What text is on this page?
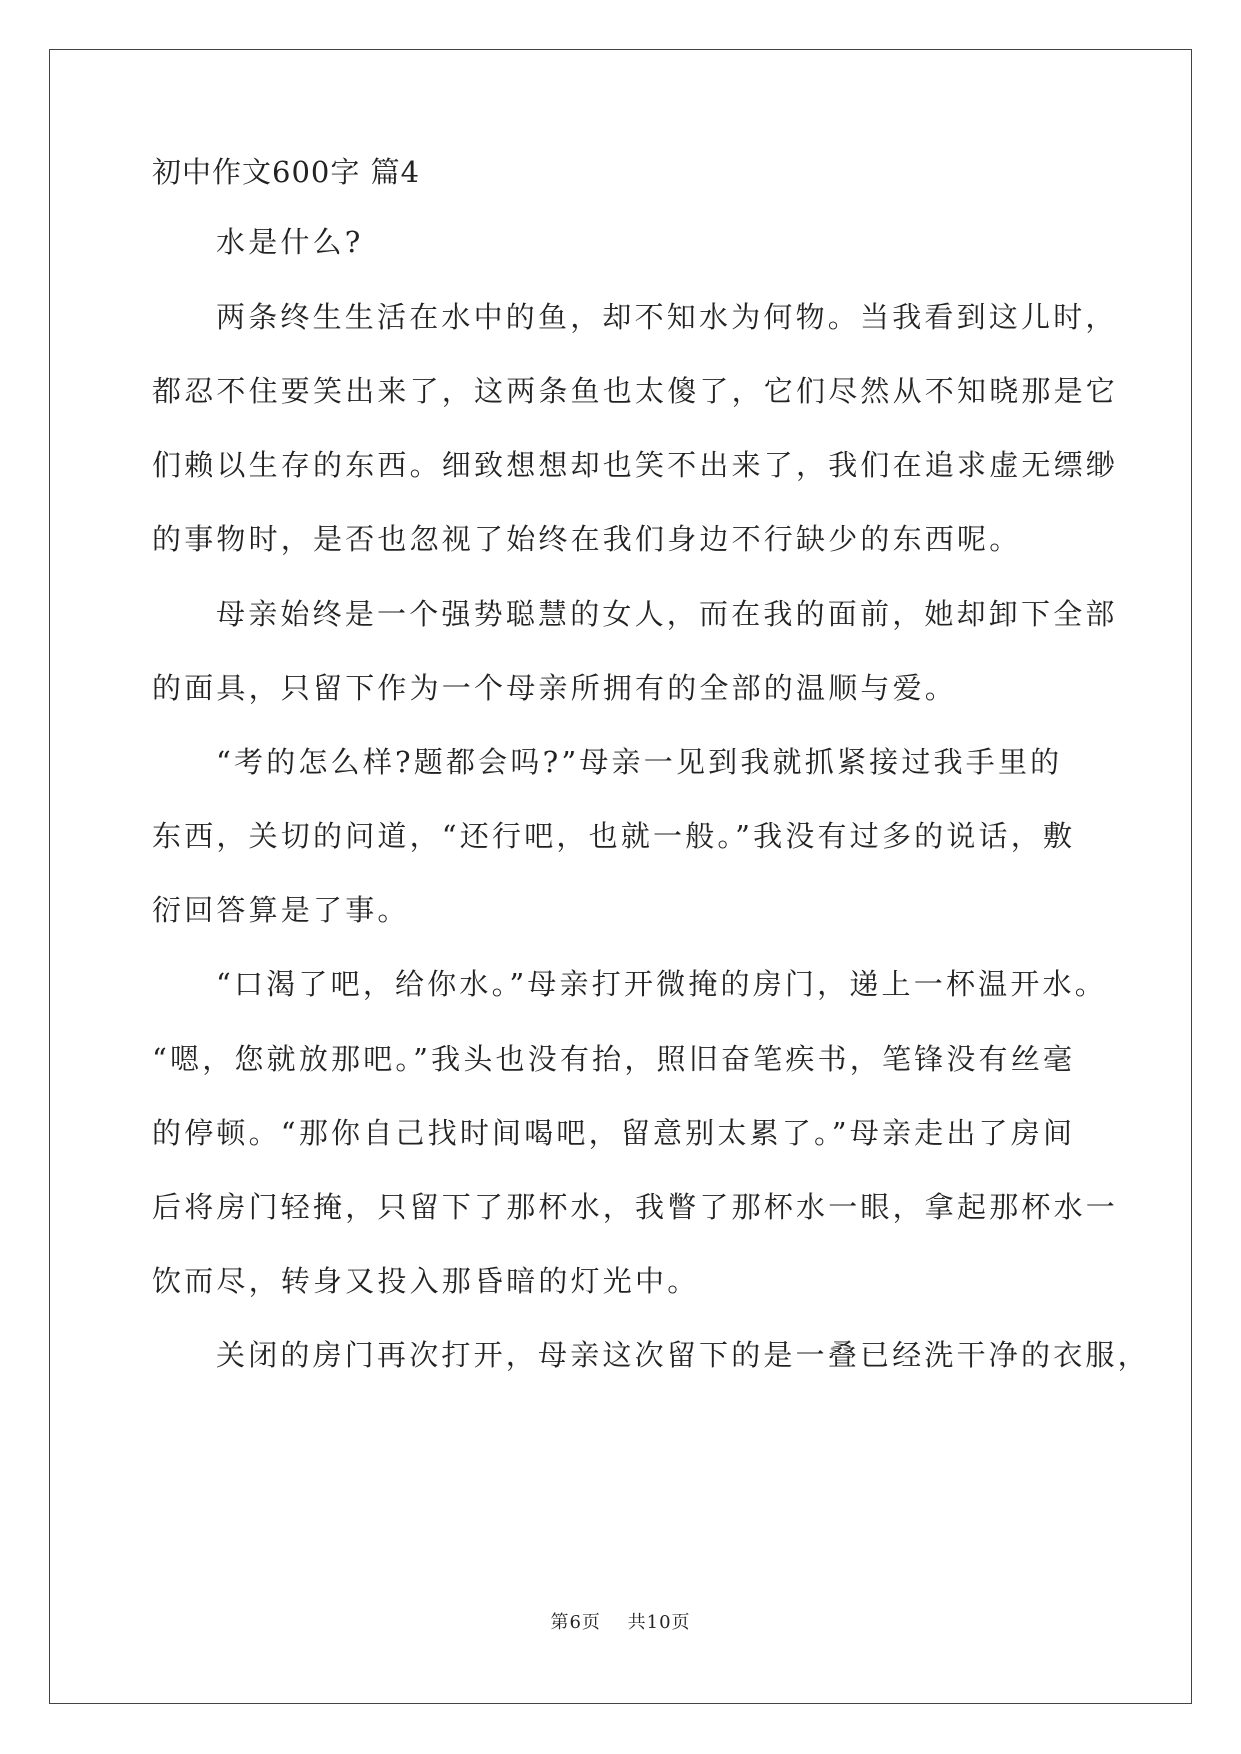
初中作文600字 篇4
水是什么?
两条终生生活在水中的鱼，却不知水为何物。当我看到这儿时，
都忍不住要笑出来了，这两条鱼也太傻了，它们尽然从不知晓那是它
们赖以生存的东西。细致想想却也笑不出来了，我们在追求虚无缥缈
的事物时，是否也忽视了始终在我们身边不行缺少的东西呢。
母亲始终是一个强势聪慧的女人，而在我的面前，她却卸下全部
的面具，只留下作为一个母亲所拥有的全部的温顺与爱。
“考的怎么样?题都会吗?”母亲一见到我就抓紧接过我手里的
东西，关切的问道，“还行吧，也就一般。”我没有过多的说话，敷
衍回答算是了事。
“口渴了吧，给你水。”母亲打开微掩的房门，递上一杯温开水。
“嗯，您就放那吧。”我头也没有抬，照旧奋笔疾书，笔锋没有丝毫
的停顿。“那你自己找时间喝吧，留意别太累了。”母亲走出了房间
后将房门轻掩，只留下了那杯水，我瞥了那杯水一眼，拿起那杯水一
饮而尽，转身又投入那昏暗的灯光中。
关闭的房门再次打开，母亲这次留下的是一叠已经洗干净的衣服，
第6页 共10页
